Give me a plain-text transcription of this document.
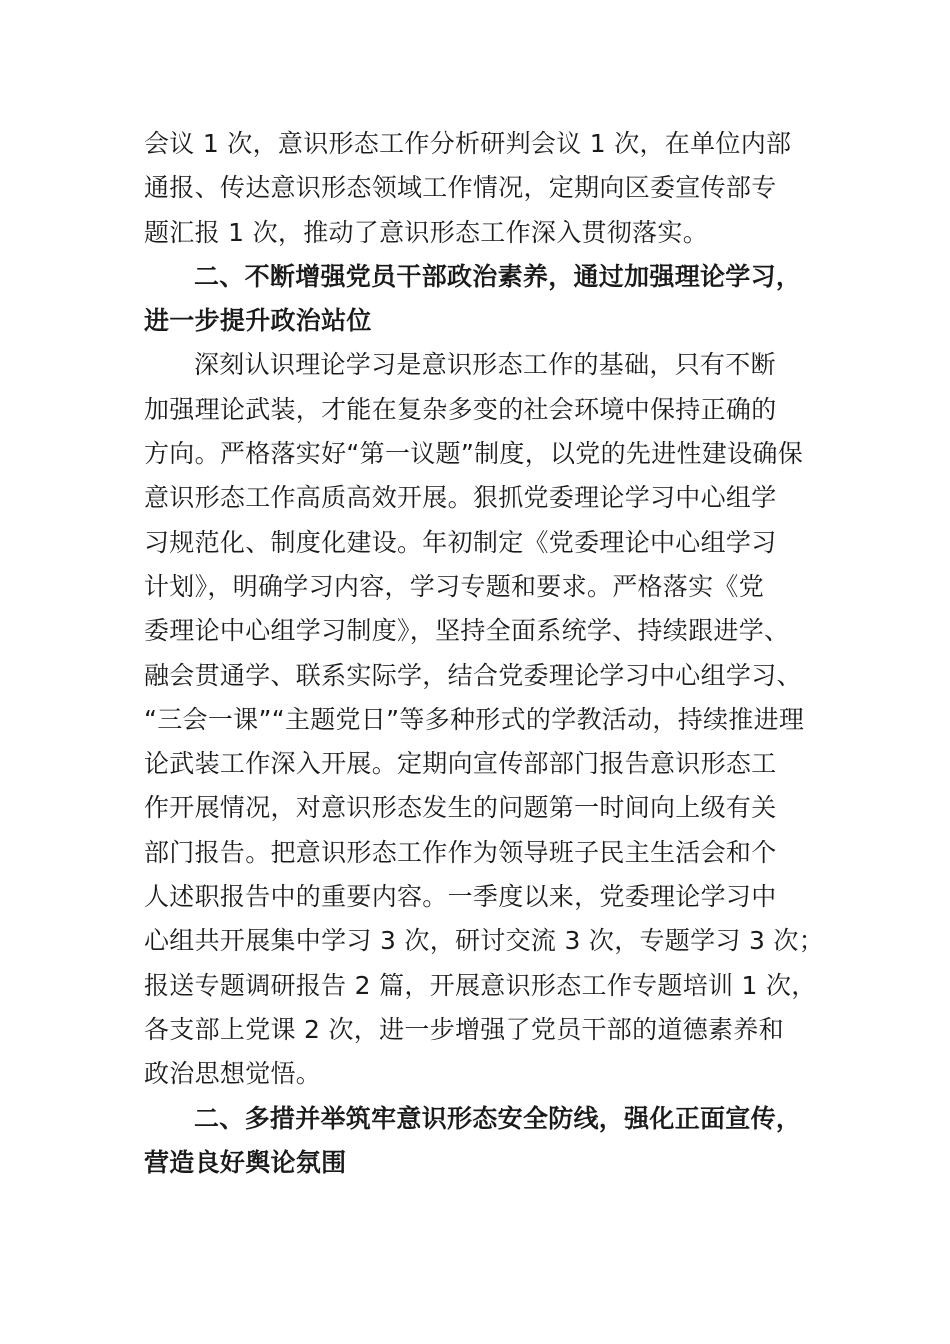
会议 1 次，意识形态工作分析研判会议 1 次，在单位内部
通报、传达意识形态领域工作情况，定期向区委宣传部专
题汇报 1 次，推动了意识形态工作深入贯彻落实。
二、不断增强党员干部政治素养，通过加强理论学习，
进一步提升政治站位
深刻认识理论学习是意识形态工作的基础，只有不断
加强理论武装，才能在复杂多变的社会环境中保持正确的
方向。严格落实好“第一议题”制度，以党的先进性建设确保
意识形态工作高质高效开展。狠抓党委理论学习中心组学
习规范化、制度化建设。年初制定《党委理论中心组学习
计划》，明确学习内容，学习专题和要求。严格落实《党
委理论中心组学习制度》，坚持全面系统学、持续跟进学、
融会贯通学、联系实际学，结合党委理论学习中心组学习、
“三会一课”“主题党日”等多种形式的学教活动，持续推进理
论武装工作深入开展。定期向宣传部部门报告意识形态工
作开展情况，对意识形态发生的问题第一时间向上级有关
部门报告。把意识形态工作作为领导班子民主生活会和个
人述职报告中的重要内容。一季度以来，党委理论学习中
心组共开展集中学习 3 次，研讨交流 3 次，专题学习 3 次；
报送专题调研报告 2 篇，开展意识形态工作专题培训 1 次，
各支部上党课 2 次，进一步增强了党员干部的道德素养和
政治思想觉悟。
二、多措并举筑牢意识形态安全防线，强化正面宣传，
营造良好舆论氛围
